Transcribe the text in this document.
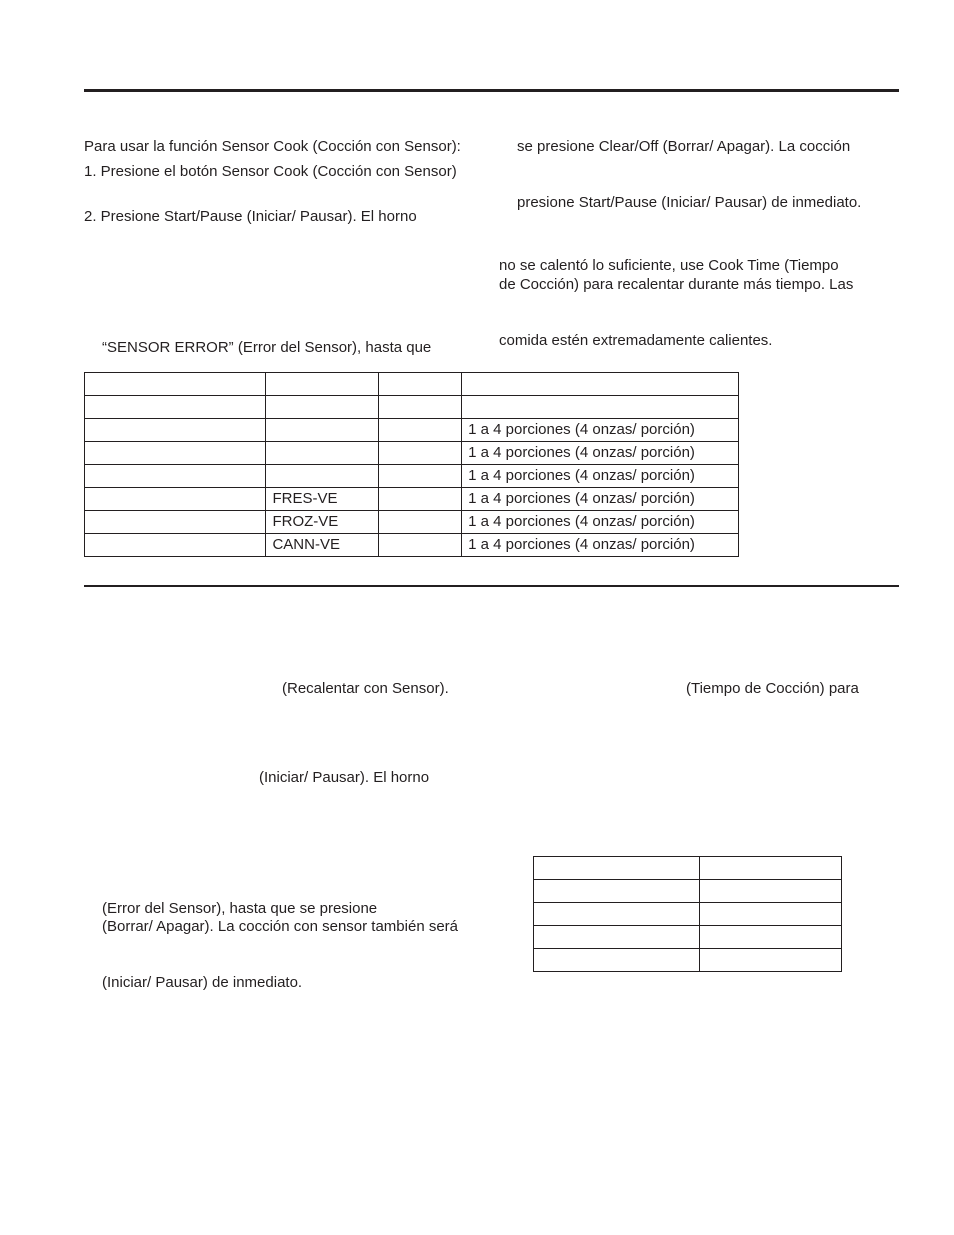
Para usar la función Sensor Cook (Cocción con Sensor):
1. Presione el botón Sensor Cook (Cocción con Sensor)
2. Presione Start/Pause (Iniciar/ Pausar). El horno
“SENSOR ERROR” (Error del Sensor), hasta que
se presione Clear/Off (Borrar/ Apagar). La cocción
presione Start/Pause (Iniciar/ Pausar) de inmediato.
no se calentó lo suficiente, use Cook Time (Tiempo
de Cocción) para recalentar durante más tiempo. Las
comida estén extremadamente calientes.

			1 a 4 porciones (4 onzas/ porción)
			1 a 4 porciones (4 onzas/ porción)
			1 a 4 porciones (4 onzas/ porción)
	FRES-VE		1 a 4 porciones (4 onzas/ porción)
	FROZ-VE		1 a 4 porciones (4 onzas/ porción)
	CANN-VE		1 a 4 porciones (4 onzas/ porción)
(Recalentar con Sensor).	(Tiempo de Cocción) para
(Iniciar/ Pausar). El horno
(Error del Sensor), hasta que se presione
(Borrar/ Apagar). La cocción con sensor también será
(Iniciar/ Pausar) de inmediato.
